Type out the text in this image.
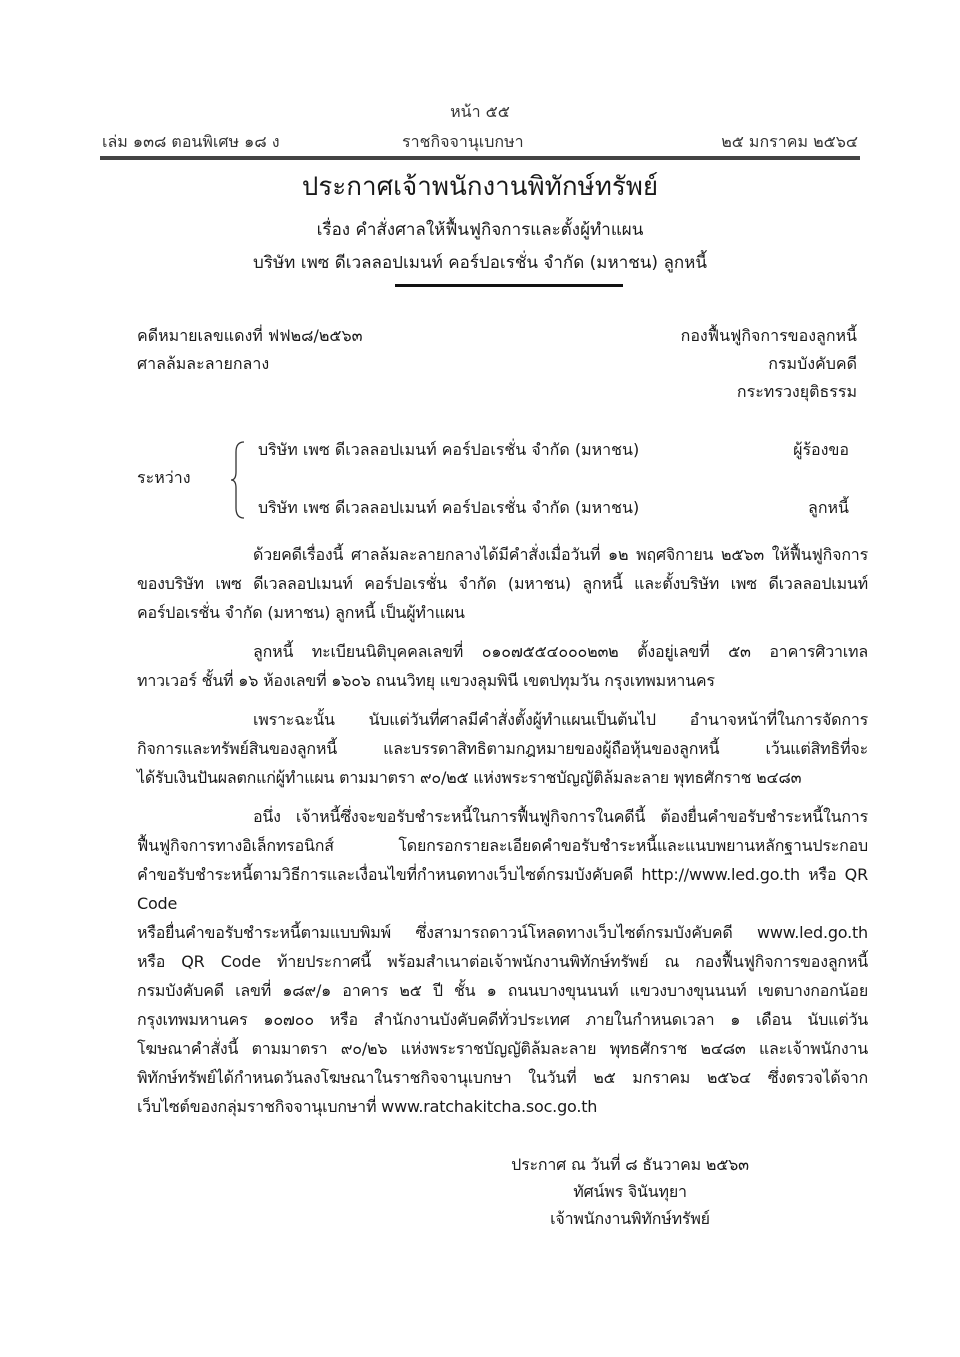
หน้า ๕๕
เล่ม ๑๓๘ ตอนพิเศษ ๑๘ ง	ราชกิจจานุเบกษา	๒๕ มกราคม ๒๕๖๔
ประกาศเจ้าพนักงานพิทักษ์ทรัพย์
เรื่อง คำสั่งศาลให้ฟื้นฟูกิจการและตั้งผู้ทำแผน
บริษัท เพซ ดีเวลลอปเมนท์ คอร์ปอเรชั่น จำกัด (มหาชน) ลูกหนี้
คดีหมายเลขแดงที่ ฟฟ๒๘/๒๕๖๓
ศาลล้มละลายกลาง
กองฟื้นฟูกิจการของลูกหนี้
กรมบังคับคดี
กระทรวงยุติธรรม
ระหว่าง
บริษัท เพซ ดีเวลลอปเมนท์ คอร์ปอเรชั่น จำกัด (มหาชน)	ผู้ร้องขอ
บริษัท เพซ ดีเวลลอปเมนท์ คอร์ปอเรชั่น จำกัด (มหาชน)	ลูกหนี้
ด้วยคดีเรื่องนี้ ศาลล้มละลายกลางได้มีคำสั่งเมื่อวันที่ ๑๒ พฤศจิกายน ๒๕๖๓ ให้ฟื้นฟูกิจการ
ของบริษัท เพซ ดีเวลลอปเมนท์ คอร์ปอเรชั่น จำกัด (มหาชน) ลูกหนี้ และตั้งบริษัท เพซ ดีเวลลอปเมนท์
คอร์ปอเรชั่น จำกัด (มหาชน) ลูกหนี้ เป็นผู้ทำแผน
ลูกหนี้ ทะเบียนนิติบุคคลเลขที่ ๐๑๐๗๕๕๔๐๐๐๒๓๒ ตั้งอยู่เลขที่ ๕๓ อาคารศิวาเทล
ทาวเวอร์ ชั้นที่ ๑๖ ห้องเลขที่ ๑๖๐๖ ถนนวิทยุ แขวงลุมพินี เขตปทุมวัน กรุงเทพมหานคร
เพราะฉะนั้น นับแต่วันที่ศาลมีคำสั่งตั้งผู้ทำแผนเป็นต้นไป อำนาจหน้าที่ในการจัดการ
กิจการและทรัพย์สินของลูกหนี้ และบรรดาสิทธิตามกฎหมายของผู้ถือหุ้นของลูกหนี้ เว้นแต่สิทธิที่จะ
ได้รับเงินปันผลตกแก่ผู้ทำแผน ตามมาตรา ๙๐/๒๕ แห่งพระราชบัญญัติล้มละลาย พุทธศักราช ๒๔๘๓
อนึ่ง เจ้าหนี้ซึ่งจะขอรับชำระหนี้ในการฟื้นฟูกิจการในคดีนี้ ต้องยื่นคำขอรับชำระหนี้ในการ
ฟื้นฟูกิจการทางอิเล็กทรอนิกส์ โดยกรอกรายละเอียดคำขอรับชำระหนี้และแนบพยานหลักฐานประกอบ
คำขอรับชำระหนี้ตามวิธีการและเงื่อนไขที่กำหนดทางเว็บไซต์กรมบังคับคดี http://www.led.go.th หรือ QR Code
หรือยื่นคำขอรับชำระหนี้ตามแบบพิมพ์ ซึ่งสามารถดาวน์โหลดทางเว็บไซต์กรมบังคับคดี www.led.go.th
หรือ QR Code ท้ายประกาศนี้ พร้อมสำเนาต่อเจ้าพนักงานพิทักษ์ทรัพย์ ณ กองฟื้นฟูกิจการของลูกหนี้
กรมบังคับคดี เลขที่ ๑๘๙/๑ อาคาร ๒๕ ปี ชั้น ๑ ถนนบางขุนนนท์ แขวงบางขุนนนท์ เขตบางกอกน้อย
กรุงเทพมหานคร ๑๐๗๐๐ หรือ สำนักงานบังคับคดีทั่วประเทศ ภายในกำหนดเวลา ๑ เดือน นับแต่วัน
โฆษณาคำสั่งนี้ ตามมาตรา ๙๐/๒๖ แห่งพระราชบัญญัติล้มละลาย พุทธศักราช ๒๔๘๓ และเจ้าพนักงาน
พิทักษ์ทรัพย์ได้กำหนดวันลงโฆษณาในราชกิจจานุเบกษา ในวันที่ ๒๕ มกราคม ๒๕๖๔ ซึ่งตรวจได้จาก
เว็บไซต์ของกลุ่มราชกิจจานุเบกษาที่ www.ratchakitcha.soc.go.th
ประกาศ ณ วันที่ ๘ ธันวาคม ๒๕๖๓
ทัศน์พร จินันทุยา
เจ้าพนักงานพิทักษ์ทรัพย์
